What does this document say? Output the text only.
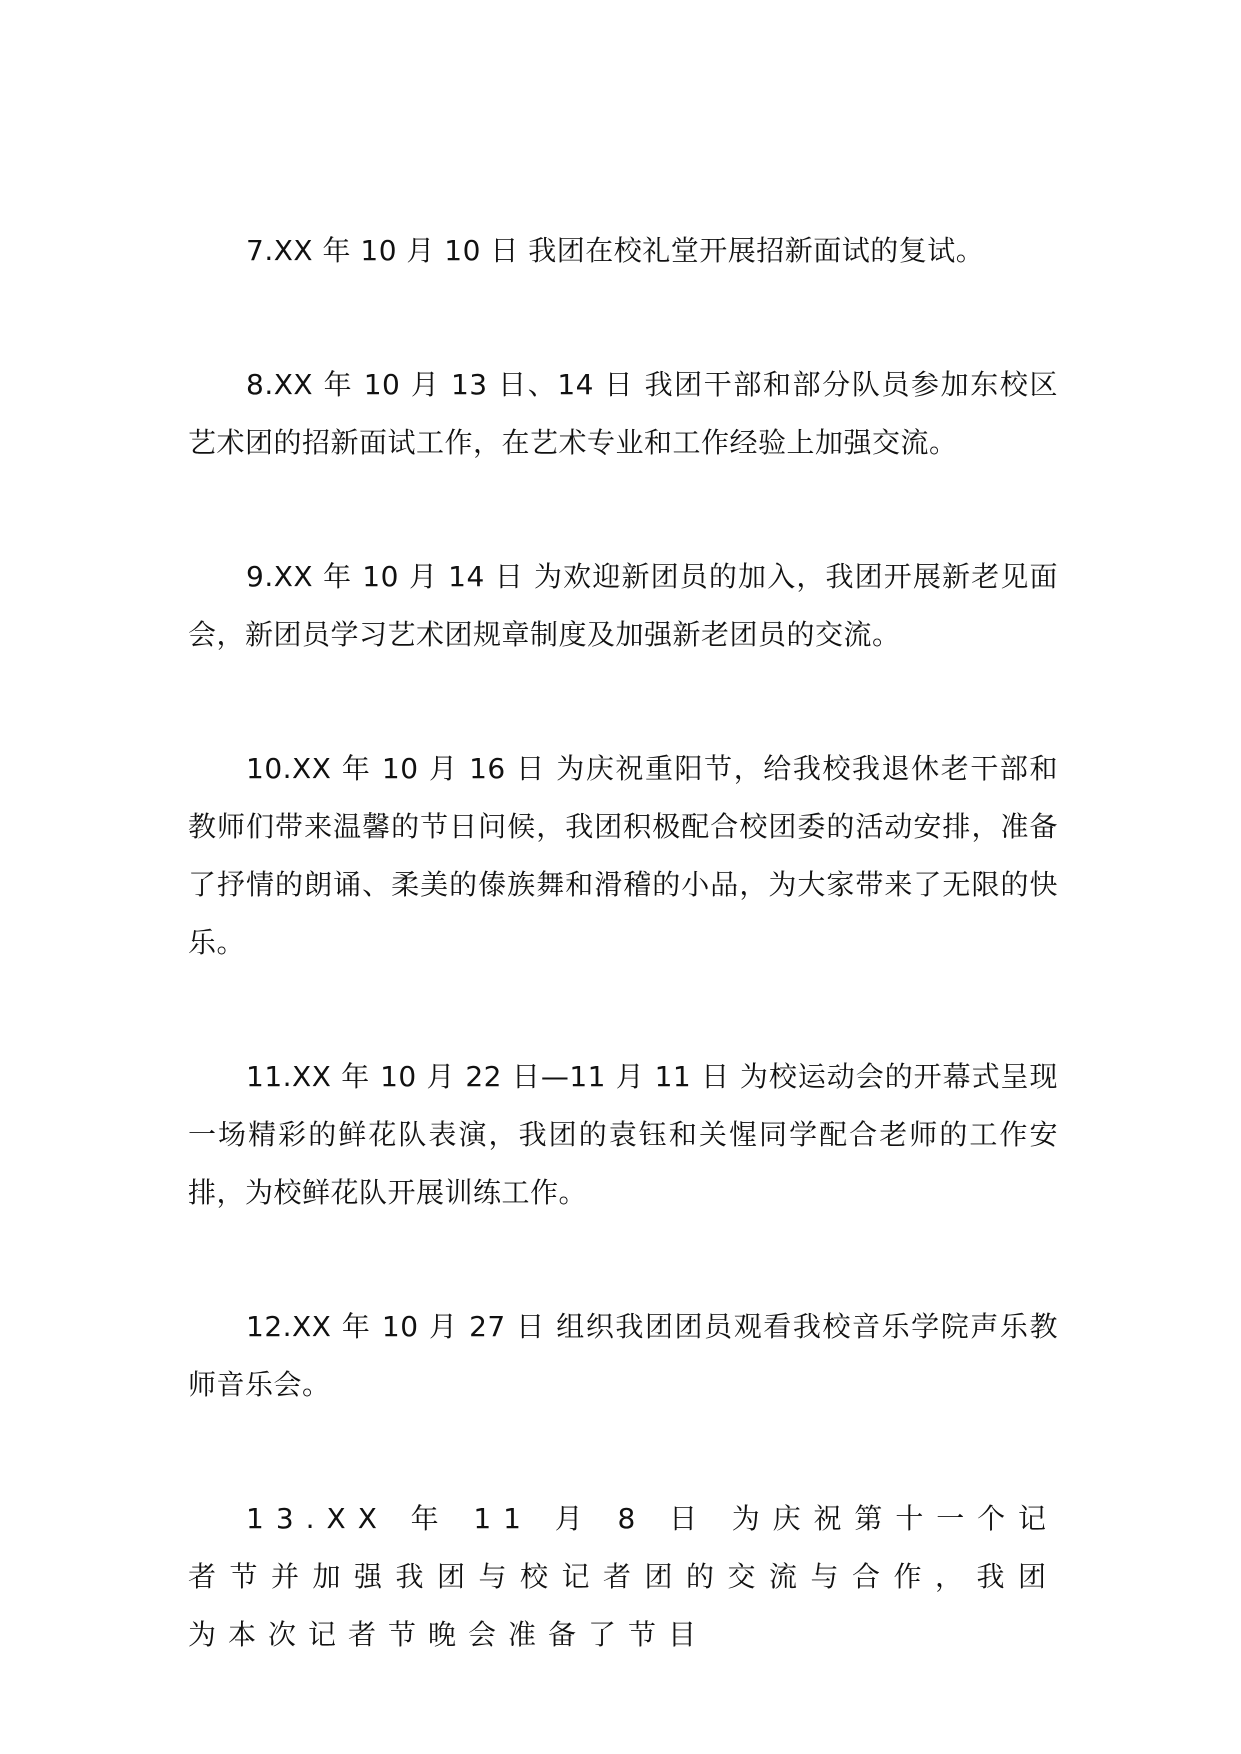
7.XX 年 10 月 10 日 我团在校礼堂开展招新面试的复试。

8.XX 年 10 月 13 日、14 日 我团干部和部分队员参加东校区艺术团的招新面试工作，在艺术专业和工作经验上加强交流。

9.XX 年 10 月 14 日 为欢迎新团员的加入，我团开展新老见面会，新团员学习艺术团规章制度及加强新老团员的交流。

10.XX 年 10 月 16 日 为庆祝重阳节，给我校我退休老干部和教师们带来温馨的节日问候，我团积极配合校团委的活动安排，准备了抒情的朗诵、柔美的傣族舞和滑稽的小品，为大家带来了无限的快乐。

11.XX 年 10 月 22 日—11 月 11 日 为校运动会的开幕式呈现一场精彩的鲜花队表演，我团的袁钰和关惺同学配合老师的工作安排，为校鲜花队开展训练工作。

12.XX 年 10 月 27 日 组织我团团员观看我校音乐学院声乐教师音乐会。

13.XX 年 11 月 8 日 为庆祝第十一个记者节并加强我团与校记者团的交流与合作，我团为本次记者节晚会准备了节目
